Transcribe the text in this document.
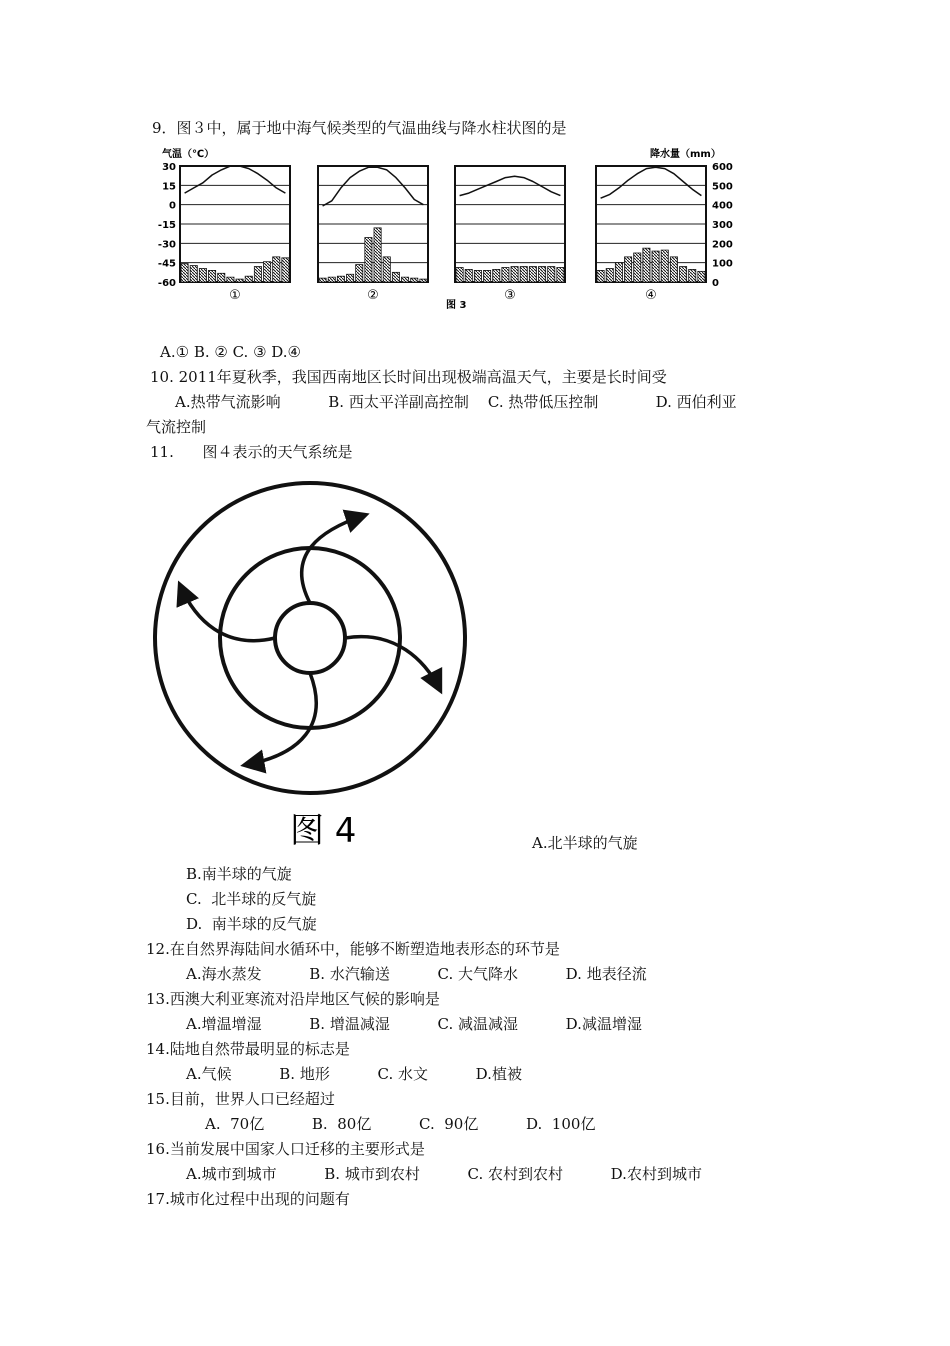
9．图３中，属于地中海气候类型的气温曲线与降水柱状图的是
气温（℃）	降水量（mm）
30
15
0
-15
-30
-45
-60
600
500
400
300
200
100
0
①	②	③	④
图 3
A.① B. ② C. ③ D.④
10. 2011年夏秋季，我国西南地区长时间出现极端高温天气，主要是长时间受
A.热带气流影响          B. 西太平洋副高控制    C. 热带低压控制            D. 西伯利亚
气流控制
11.      图４表示的天气系统是
图 4	A.北半球的气旋
B.南半球的气旋
C.  北半球的反气旋
D.  南半球的反气旋
12.在自然界海陆间水循环中，能够不断塑造地表形态的环节是
A.海水蒸发          B. 水汽输送          C. 大气降水          D. 地表径流
13.西澳大利亚寒流对沿岸地区气候的影响是
A.增温增湿          B. 增温减湿          C. 减温减湿          D.减温增湿
14.陆地自然带最明显的标志是
A.气候          B. 地形          C. 水文          D.植被
15.目前，世界人口已经超过
A.  70亿          B.  80亿          C.  90亿          D.  100亿
16.当前发展中国家人口迁移的主要形式是
A.城市到城市          B. 城市到农村          C. 农村到农村          D.农村到城市
17.城市化过程中出现的问题有
